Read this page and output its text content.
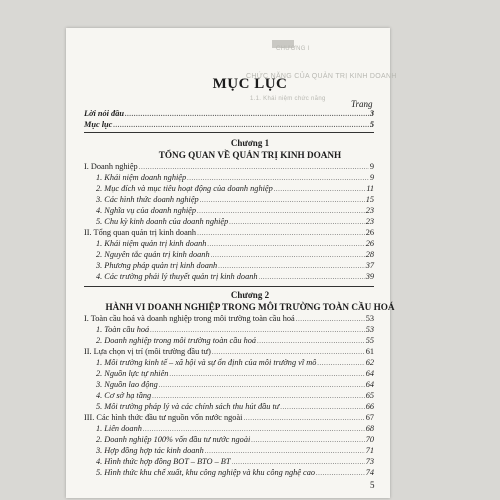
CHƯƠNG I
CHỨC NĂNG CỦA QUẢN TRỊ KINH DOANH
1.1. Khái niệm chức năng
MỤC LỤC
Trang
Lời nói đầu .....	3
Mục lục .....	5
Chương 1
TỔNG QUAN VỀ QUẢN TRỊ KINH DOANH
I. Doanh nghiệp .....	9
1. Khái niệm doanh nghiệp .....	9
2. Mục đích và mục tiêu hoạt động của doanh nghiệp .....	11
3. Các hình thức doanh nghiệp .....	15
4. Nghĩa vụ của doanh nghiệp .....	23
5. Chu kỳ kinh doanh của doanh nghiệp .....	23
II. Tổng quan quản trị kinh doanh .....	26
1. Khái niệm quản trị kinh doanh .....	26
2. Nguyên tắc quản trị kinh doanh .....	28
3. Phương pháp quản trị kinh doanh .....	37
4. Các trường phái lý thuyết quản trị kinh doanh .....	39
Chương 2
HÀNH VI DOANH NGHIỆP TRONG MÔI TRƯỜNG TOÀN CẦU HOÁ
I. Toàn cầu hoá và doanh nghiệp trong môi trường toàn cầu hoá .....	53
1. Toàn cầu hoá .....	53
2. Doanh nghiệp trong môi trường toàn cầu hoá .....	55
II. Lựa chọn vị trí (môi trường đầu tư) .....	61
1. Môi trường kinh tế – xã hội và sự ổn định của môi trường vĩ mô .....	62
2. Nguồn lực tự nhiên .....	64
3. Nguồn lao động .....	64
4. Cơ sở hạ tầng .....	65
5. Môi trường pháp lý và các chính sách thu hút đầu tư .....	66
III. Các hình thức đầu tư nguồn vốn nước ngoài .....	67
1. Liên doanh .....	68
2. Doanh nghiệp 100% vốn đầu tư nước ngoài .....	70
3. Hợp đồng hợp tác kinh doanh .....	71
4. Hình thức hợp đồng BOT – BTO – BT .....	73
5. Hình thức khu chế xuất, khu công nghiệp và khu công nghệ cao .....	74
5
